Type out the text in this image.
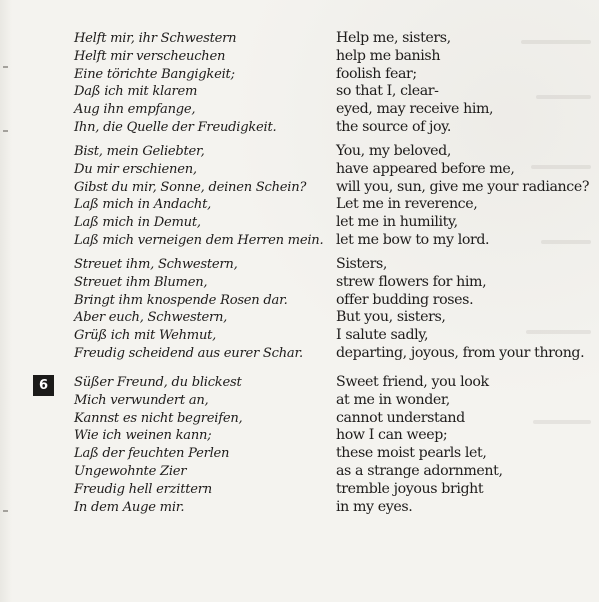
Helft mir, ihr Schwestern
Helft mir verscheuchen
Eine törichte Bangigkeit;
Daß ich mit klarem
Aug ihn empfange,
Ihn, die Quelle der Freudigkeit.
Bist, mein Geliebter,
Du mir erschienen,
Gibst du mir, Sonne, deinen Schein?
Laß mich in Andacht,
Laß mich in Demut,
Laß mich verneigen dem Herren mein.
Streuet ihm, Schwestern,
Streuet ihm Blumen,
Bringt ihm knospende Rosen dar.
Aber euch, Schwestern,
Grüß ich mit Wehmut,
Freudig scheidend aus eurer Schar.
6	Süßer Freund, du blickest
Mich verwundert an,
Kannst es nicht begreifen,
Wie ich weinen kann;
Laß der feuchten Perlen
Ungewohnte Zier
Freudig hell erzittern
In dem Auge mir.
Help me, sisters,
help me banish
foolish fear;
so that I, clear-
eyed, may receive him,
the source of joy.
You, my beloved,
have appeared before me,
will you, sun, give me your radiance?
Let me in reverence,
let me in humility,
let me bow to my lord.
Sisters,
strew flowers for him,
offer budding roses.
But you, sisters,
I salute sadly,
departing, joyous, from your throng.
Sweet friend, you look
at me in wonder,
cannot understand
how I can weep;
these moist pearls let,
as a strange adornment,
tremble joyous bright
in my eyes.
